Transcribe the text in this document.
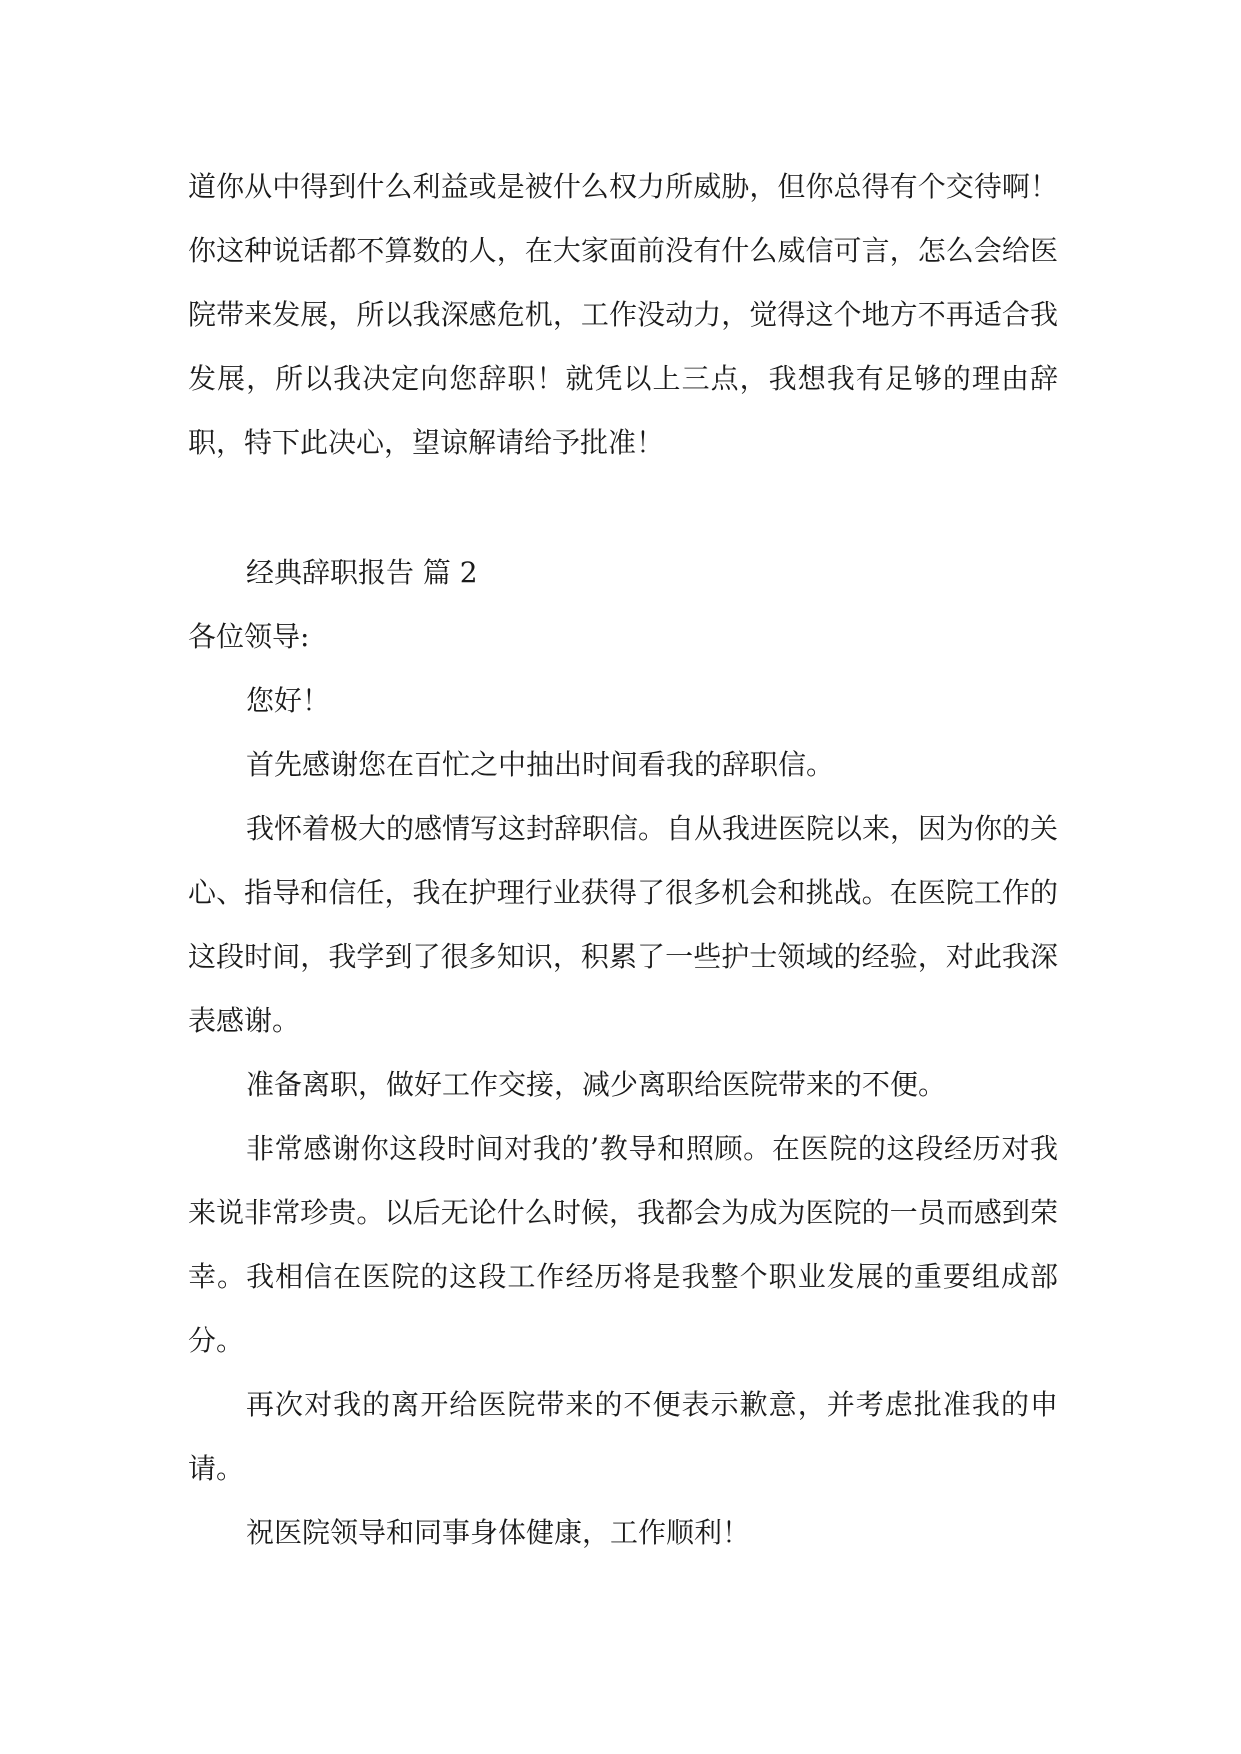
道你从中得到什么利益或是被什么权力所威胁，但你总得有个交待啊！你这种说话都不算数的人，在大家面前没有什么威信可言，怎么会给医院带来发展，所以我深感危机，工作没动力，觉得这个地方不再适合我发展，所以我决定向您辞职！就凭以上三点，我想我有足够的理由辞职，特下此决心，望谅解请给予批准！

经典辞职报告 篇 2

各位领导:

您好！

首先感谢您在百忙之中抽出时间看我的辞职信。

我怀着极大的感情写这封辞职信。自从我进医院以来，因为你的关心、指导和信任，我在护理行业获得了很多机会和挑战。在医院工作的这段时间，我学到了很多知识，积累了一些护士领域的经验，对此我深表感谢。

准备离职，做好工作交接，减少离职给医院带来的不便。

非常感谢你这段时间对我的’教导和照顾。在医院的这段经历对我来说非常珍贵。以后无论什么时候，我都会为成为医院的一员而感到荣幸。我相信在医院的这段工作经历将是我整个职业发展的重要组成部分。

再次对我的离开给医院带来的不便表示歉意，并考虑批准我的申请。

祝医院领导和同事身体健康，工作顺利！
